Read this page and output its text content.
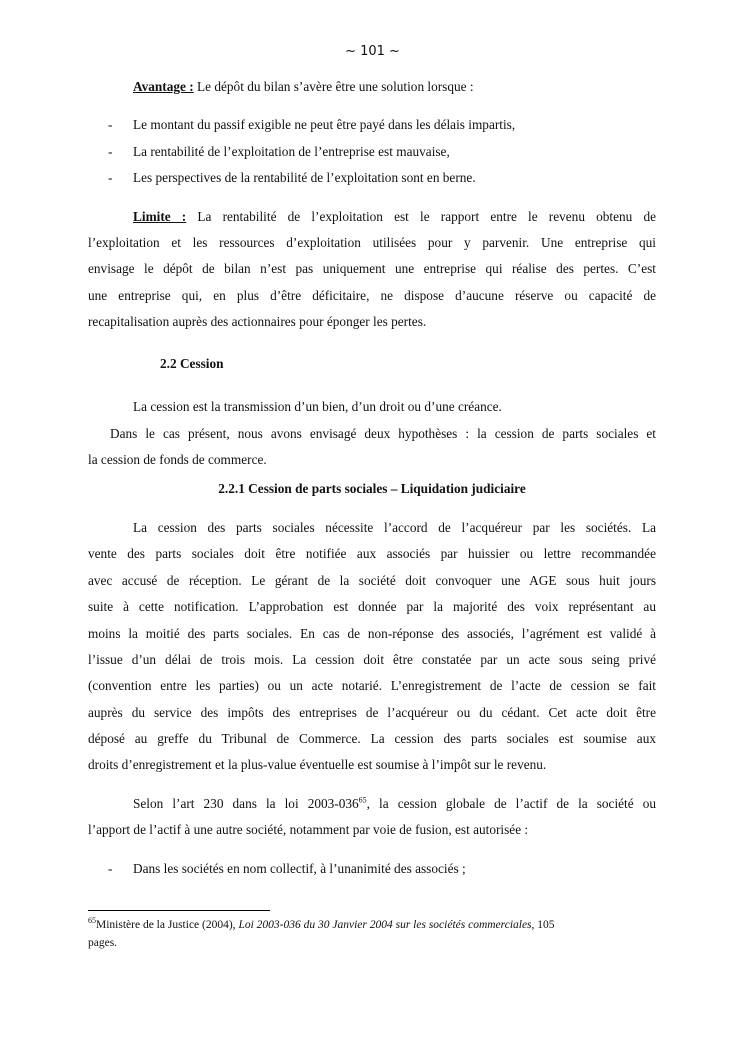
~ 101 ~
Avantage : Le dépôt du bilan s’avère être une solution lorsque :
- Le montant du passif exigible ne peut être payé dans les délais impartis,
- La rentabilité de l’exploitation de l’entreprise est mauvaise,
- Les perspectives de la rentabilité de l’exploitation sont en berne.
Limite : La rentabilité de l’exploitation est le rapport entre le revenu obtenu de
l’exploitation et les ressources d’exploitation utilisées pour y parvenir. Une entreprise qui
envisage le dépôt de bilan n’est pas uniquement une entreprise qui réalise des pertes. C’est
une entreprise qui, en plus d’être déficitaire, ne dispose d’aucune réserve ou capacité de
recapitalisation auprès des actionnaires pour éponger les pertes.
2.2 Cession
La cession est la transmission d’un bien, d’un droit ou d’une créance.
Dans le cas présent, nous avons envisagé deux hypothèses : la cession de parts sociales et
la cession de fonds de commerce.
2.2.1 Cession de parts sociales – Liquidation judiciaire
La cession des parts sociales nécessite l’accord de l’acquéreur par les sociétés. La
vente des parts sociales doit être notifiée aux associés par huissier ou lettre recommandée
avec accusé de réception. Le gérant de la société doit convoquer une AGE sous huit jours
suite à cette notification. L’approbation est donnée par la majorité des voix représentant au
moins la moitié des parts sociales. En cas de non-réponse des associés, l’agrément est validé à
l’issue d’un délai de trois mois. La cession doit être constatée par un acte sous seing privé
(convention entre les parties) ou un acte notarié. L’enregistrement de l’acte de cession se fait
auprès du service des impôts des entreprises de l’acquéreur ou du cédant. Cet acte doit être
déposé au greffe du Tribunal de Commerce. La cession des parts sociales est soumise aux
droits d’enregistrement et la plus-value éventuelle est soumise à l’impôt sur le revenu.
Selon l’art 230 dans la loi $2003-036^{65}$, la cession globale de l’actif de la société ou
l’apport de l’actif à une autre société, notamment par voie de fusion, est autorisée :
- Dans les sociétés en nom collectif, à l’unanimité des associés ;
$^{65}$Ministère de la Justice (2004), Loi 2003-036 du 30 Janvier 2004 sur les sociétés commerciales, 105
pages.
